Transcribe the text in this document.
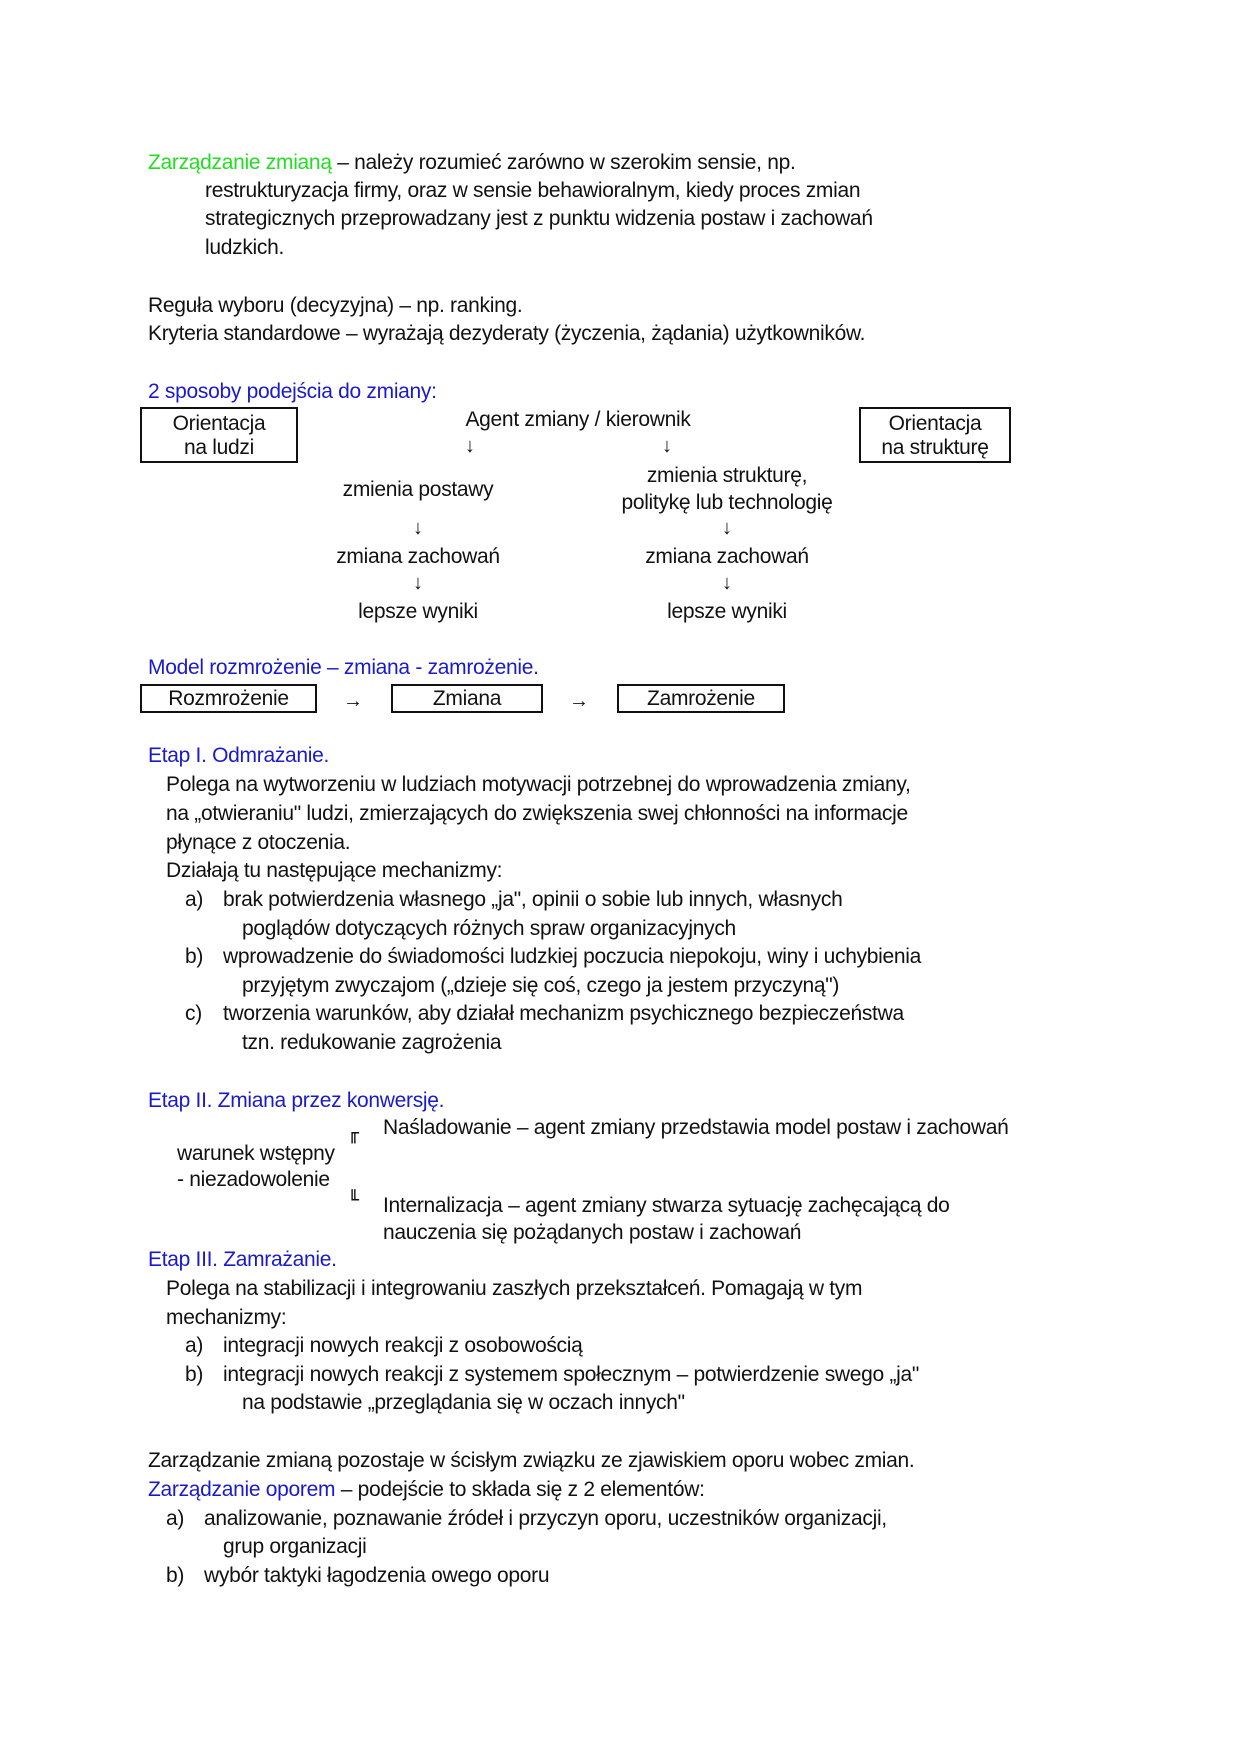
Zarządzanie zmianą – należy rozumieć zarówno w szerokim sensie, np.
restrukturyzacja firmy, oraz w sensie behawioralnym, kiedy proces zmian
strategicznych przeprowadzany jest z punktu widzenia postaw i zachowań
ludzkich.
Reguła wyboru (decyzyjna) – np. ranking.
Kryteria standardowe – wyrażają dezyderaty (życzenia, żądania) użytkowników.
2 sposoby podejścia do zmiany:
Orientacja
na ludzi
Orientacja
na strukturę
Agent zmiany / kierownik
↓	↓
zmienia postawy
↓
zmiana zachowań
↓
lepsze wyniki
zmienia strukturę,
politykę lub technologię
↓
zmiana zachowań
↓
lepsze wyniki
Model rozmrożenie – zmiana - zamrożenie.
Rozmrożenie	→	Zmiana	→	Zamrożenie
Etap I. Odmrażanie.
Polega na wytworzeniu w ludziach motywacji potrzebnej do wprowadzenia zmiany,
na „otwieraniu" ludzi, zmierzających do zwiększenia swej chłonności na informacje
płynące z otoczenia.
Działają tu następujące mechanizmy:
a) brak potwierdzenia własnego „ja", opinii o sobie lub innych, własnych
poglądów dotyczących różnych spraw organizacyjnych
b) wprowadzenie do świadomości ludzkiej poczucia niepokoju, winy i uchybienia
przyjętym zwyczajom („dzieje się coś, czego ja jestem przyczyną")
c) tworzenia warunków, aby działał mechanizm psychicznego bezpieczeństwa
tzn. redukowanie zagrożenia
Etap II. Zmiana przez konwersję.
╓ Naśladowanie – agent zmiany przedstawia model postaw i zachowań
warunek wstępny
- niezadowolenie
╙ Internalizacja – agent zmiany stwarza sytuację zachęcającą do
nauczenia się pożądanych postaw i zachowań
Etap III. Zamrażanie.
Polega na stabilizacji i integrowaniu zaszłych przekształceń. Pomagają w tym
mechanizmy:
a) integracji nowych reakcji z osobowością
b) integracji nowych reakcji z systemem społecznym – potwierdzenie swego „ja"
na podstawie „przeglądania się w oczach innych"
Zarządzanie zmianą pozostaje w ścisłym związku ze zjawiskiem oporu wobec zmian.
Zarządzanie oporem – podejście to składa się z 2 elementów:
a) analizowanie, poznawanie źródeł i przyczyn oporu, uczestników organizacji,
grup organizacji
b) wybór taktyki łagodzenia owego oporu
